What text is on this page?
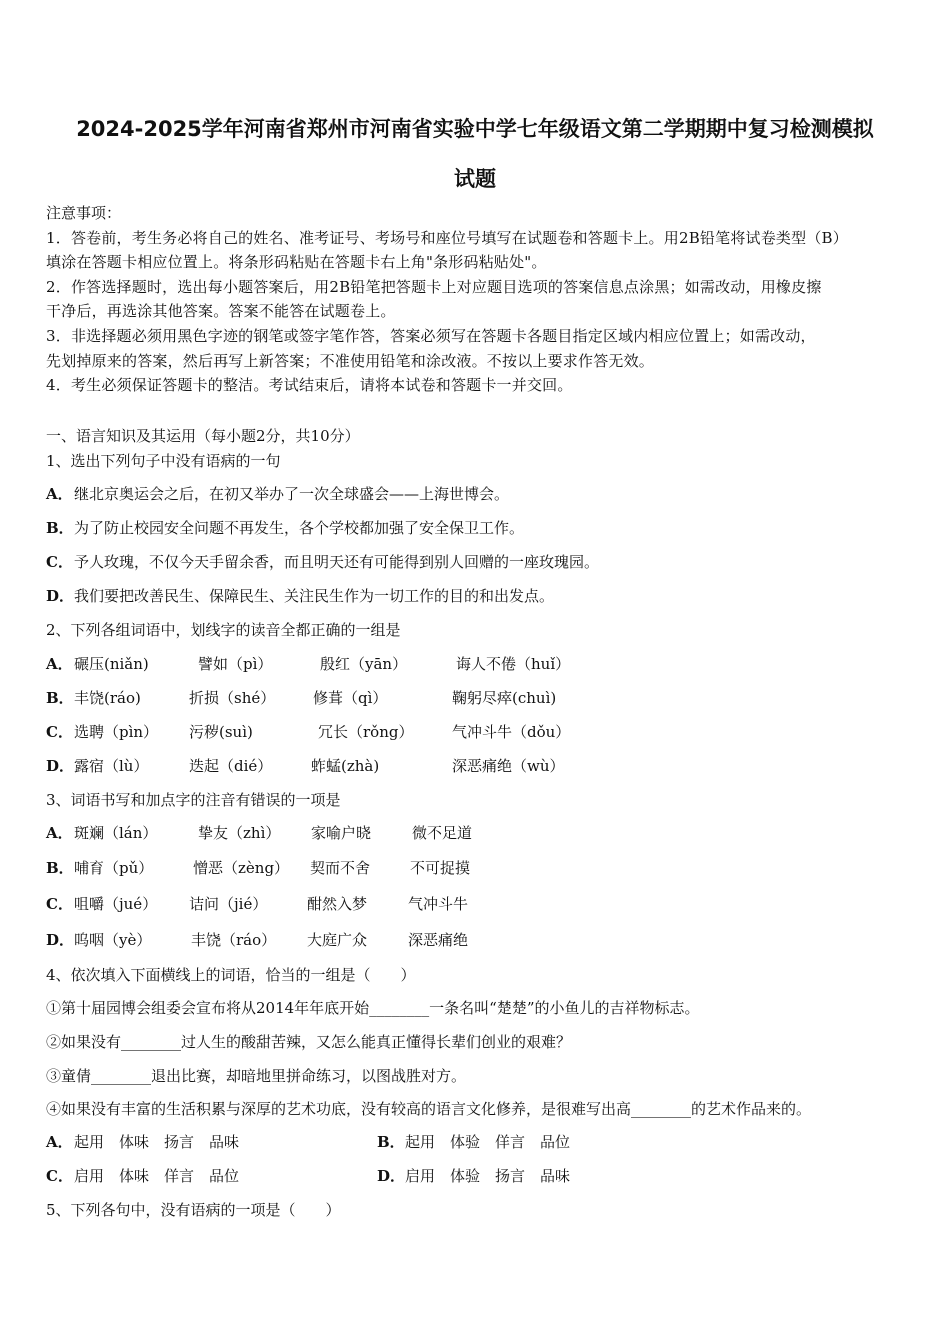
2024-2025学年河南省郑州市河南省实验中学七年级语文第二学期期中复习检测模拟
试题
注意事项：
1．答卷前，考生务必将自己的姓名、准考证号、考场号和座位号填写在试题卷和答题卡上。用2B铅笔将试卷类型（B）
填涂在答题卡相应位置上。将条形码粘贴在答题卡右上角"条形码粘贴处"。
2．作答选择题时，选出每小题答案后，用2B铅笔把答题卡上对应题目选项的答案信息点涂黑；如需改动，用橡皮擦
干净后，再选涂其他答案。答案不能答在试题卷上。
3．非选择题必须用黑色字迹的钢笔或签字笔作答，答案必须写在答题卡各题目指定区域内相应位置上；如需改动，
先划掉原来的答案，然后再写上新答案；不准使用铅笔和涂改液。不按以上要求作答无效。
4．考生必须保证答题卡的整洁。考试结束后，请将本试卷和答题卡一并交回。
一、语言知识及其运用（每小题2分，共10分）
1、选出下列句子中没有语病的一句
A． 继北京奥运会之后，在初又举办了一次全球盛会——上海世博会。
B． 为了防止校园安全问题不再发生，各个学校都加强了安全保卫工作。
C． 予人玫瑰，不仅今天手留余香，而且明天还有可能得到别人回赠的一座玫瑰园。
D． 我们要把改善民生、保障民生、关注民生作为一切工作的目的和出发点。
2、下列各组词语中，划线字的读音全都正确的一组是
A． 碾压(niǎn)	譬如（pì）	殷红（yān）	诲人不倦（huǐ）
B． 丰饶(ráo)	折损（shé）	修葺（qì）	鞠躬尽瘁(chuì)
C． 选聘（pìn） 污秽(suì)	冗长（rǒng）	气冲斗牛（dǒu）
D． 露宿（lù）	迭起（dié）	蚱蜢(zhà)	深恶痛绝（wù）
3、词语书写和加点字的注音有错误的一项是
A． 斑斓（lán）	挚友（zhì） 家喻户晓	微不足道
B． 哺育（pǔ）	憎恶（zèng） 契而不舍	不可捉摸
C． 咀嚼（jué） 诘问（jié）	酣然入梦	气冲斗牛
D． 呜咽（yè）	丰饶（ráo） 大庭广众	深恶痛绝
4、依次填入下面横线上的词语，恰当的一组是（　　）
①第十届园博会组委会宣布将从2014年年底开始________一条名叫“楚楚”的小鱼儿的吉祥物标志。
②如果没有________过人生的酸甜苦辣，又怎么能真正懂得长辈们创业的艰难？
③童倩________退出比赛，却暗地里拼命练习，以图战胜对方。
④如果没有丰富的生活积累与深厚的艺术功底，没有较高的语言文化修养，是很难写出高________的艺术作品来的。
A． 起用　体味　扬言　品味	B． 起用　体验　佯言　品位
C． 启用　体味　佯言　品位	D． 启用　体验　扬言　品味
5、下列各句中，没有语病的一项是（　　）
